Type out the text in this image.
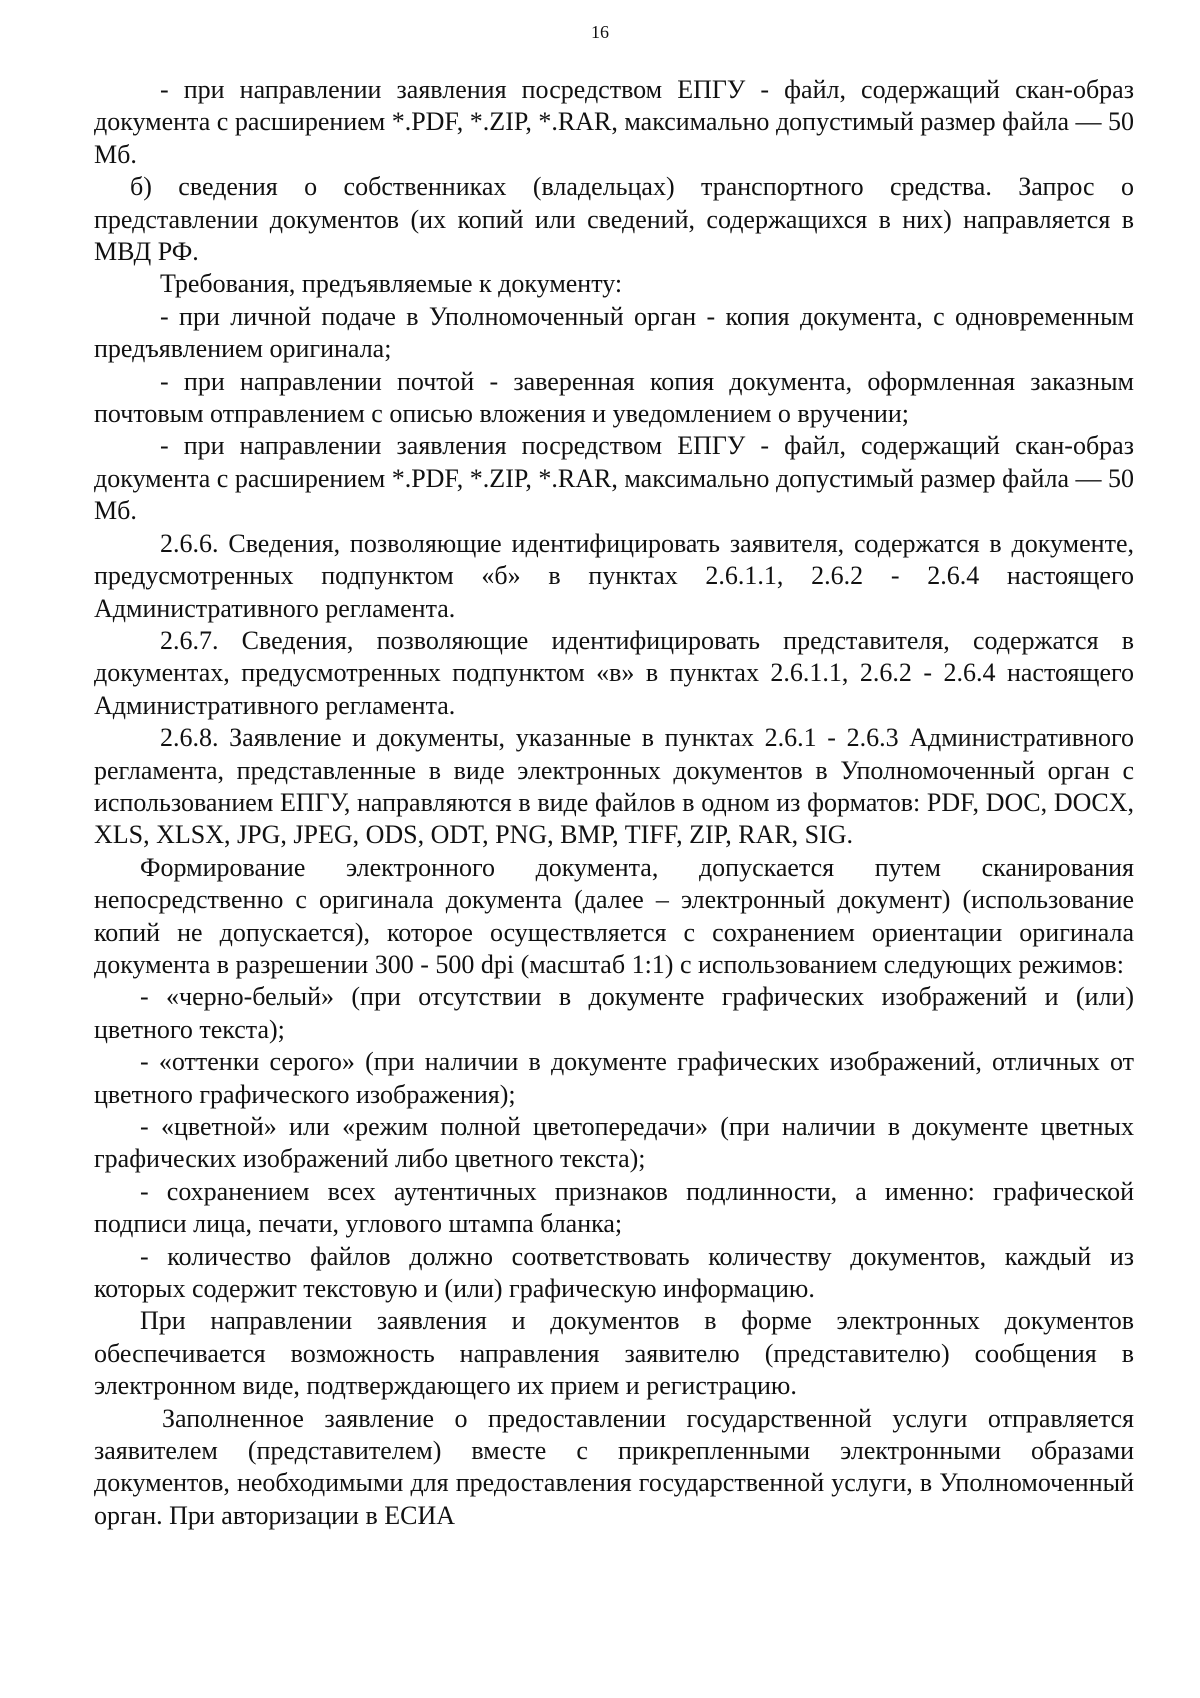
16

- при направлении заявления посредством ЕПГУ - файл, содержащий скан-образ документа с расширением *.PDF, *.ZIP, *.RAR, максимально допустимый размер файла — 50 Мб.

б) сведения о собственниках (владельцах) транспортного средства. Запрос о представлении документов (их копий или сведений, содержащихся в них) направляется в МВД РФ.

Требования, предъявляемые к документу:

- при личной подаче в Уполномоченный орган - копия документа, с одновременным предъявлением оригинала;

- при направлении почтой - заверенная копия документа, оформленная заказным почтовым отправлением с описью вложения и уведомлением о вручении;

- при направлении заявления посредством ЕПГУ - файл, содержащий скан-образ документа с расширением *.PDF, *.ZIP, *.RAR, максимально допустимый размер файла — 50 Мб.

2.6.6. Сведения, позволяющие идентифицировать заявителя, содержатся в документе, предусмотренных подпунктом «б» в пунктах 2.6.1.1, 2.6.2 - 2.6.4 настоящего Административного регламента.

2.6.7. Сведения, позволяющие идентифицировать представителя, содержатся в документах, предусмотренных подпунктом «в» в пунктах 2.6.1.1, 2.6.2 - 2.6.4 настоящего Административного регламента.

2.6.8. Заявление и документы, указанные в пунктах 2.6.1 - 2.6.3 Административного регламента, представленные в виде электронных документов в Уполномоченный орган с использованием ЕПГУ, направляются в виде файлов в одном из форматов: PDF, DOC, DOCX, XLS, XLSX, JPG, JPEG, ODS, ODT, PNG, BMP, TIFF, ZIP, RAR, SIG.

Формирование электронного документа, допускается путем сканирования непосредственно с оригинала документа (далее – электронный документ) (использование копий не допускается), которое осуществляется с сохранением ориентации оригинала документа в разрешении 300 - 500 dpi (масштаб 1:1) с использованием следующих режимов:

- «черно-белый» (при отсутствии в документе графических изображений и (или) цветного текста);

- «оттенки серого» (при наличии в документе графических изображений, отличных от цветного графического изображения);

- «цветной» или «режим полной цветопередачи» (при наличии в документе цветных графических изображений либо цветного текста);

- сохранением всех аутентичных признаков подлинности, а именно: графической подписи лица, печати, углового штампа бланка;

- количество файлов должно соответствовать количеству документов, каждый из которых содержит текстовую и (или) графическую информацию.

При направлении заявления и документов в форме электронных документов обеспечивается возможность направления заявителю (представителю) сообщения в электронном виде, подтверждающего их прием и регистрацию.

Заполненное заявление о предоставлении государственной услуги отправляется заявителем (представителем) вместе с прикрепленными электронными образами документов, необходимыми для предоставления государственной услуги, в Уполномоченный орган. При авторизации в ЕСИА
